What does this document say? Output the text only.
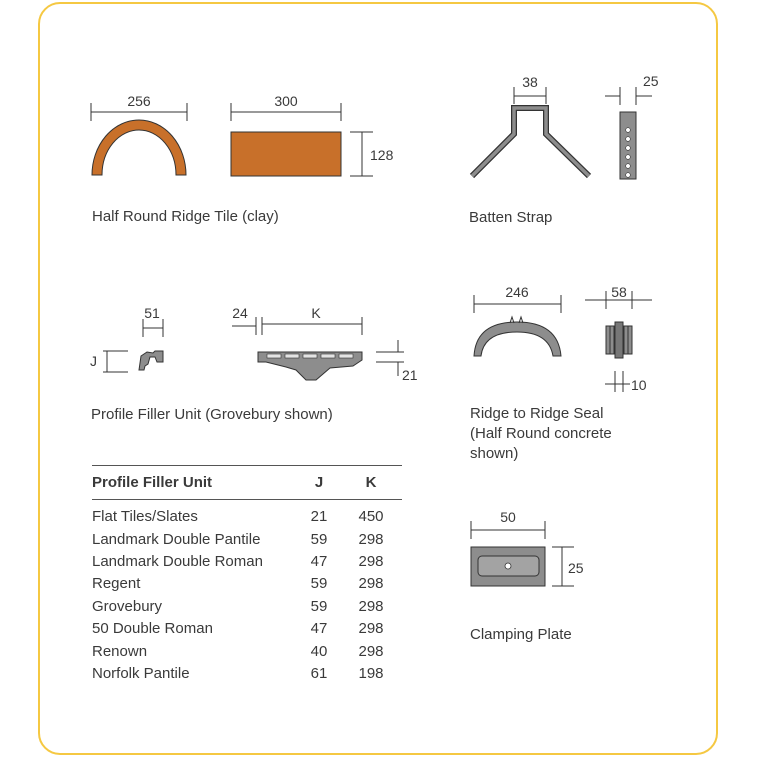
256	300
128
38	25
51
J
24	K
21
246	58
10
50
25
Half Round Ridge Tile (clay)	Batten Strap
Profile Filler Unit (Grovebury shown)	Ridge to Ridge Seal
(Half Round concrete
shown)
Clamping Plate
Profile Filler Unit	J	K
Flat Tiles/Slates	21	450
Landmark Double Pantile	59	298
Landmark Double Roman	47	298
Regent	59	298
Grovebury	59	298
50 Double Roman	47	298
Renown	40	298
Norfolk Pantile	61	198
